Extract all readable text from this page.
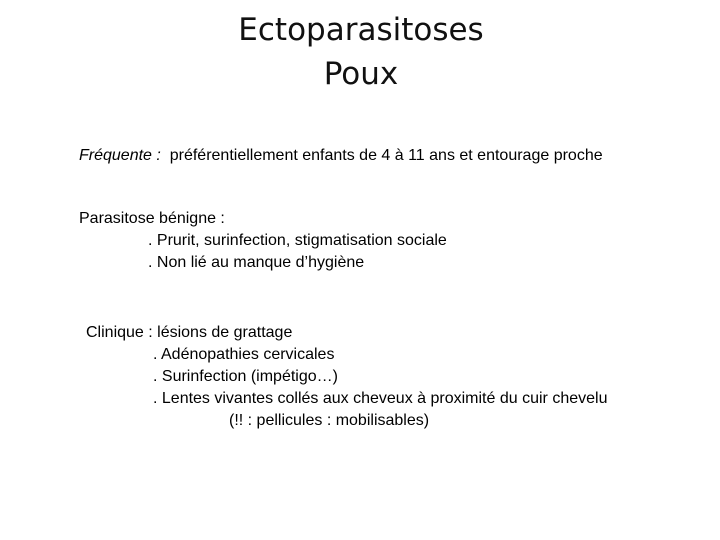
Ectoparasitoses
Poux
Fréquente :  préférentiellement enfants de 4 à 11 ans et entourage proche
Parasitose bénigne :
. Prurit, surinfection, stigmatisation sociale
. Non lié au manque d’hygiène
Clinique : lésions de grattage
. Adénopathies cervicales
. Surinfection (impétigo…)
. Lentes vivantes collés aux cheveux à proximité du cuir chevelu
(!! : pellicules : mobilisables)
